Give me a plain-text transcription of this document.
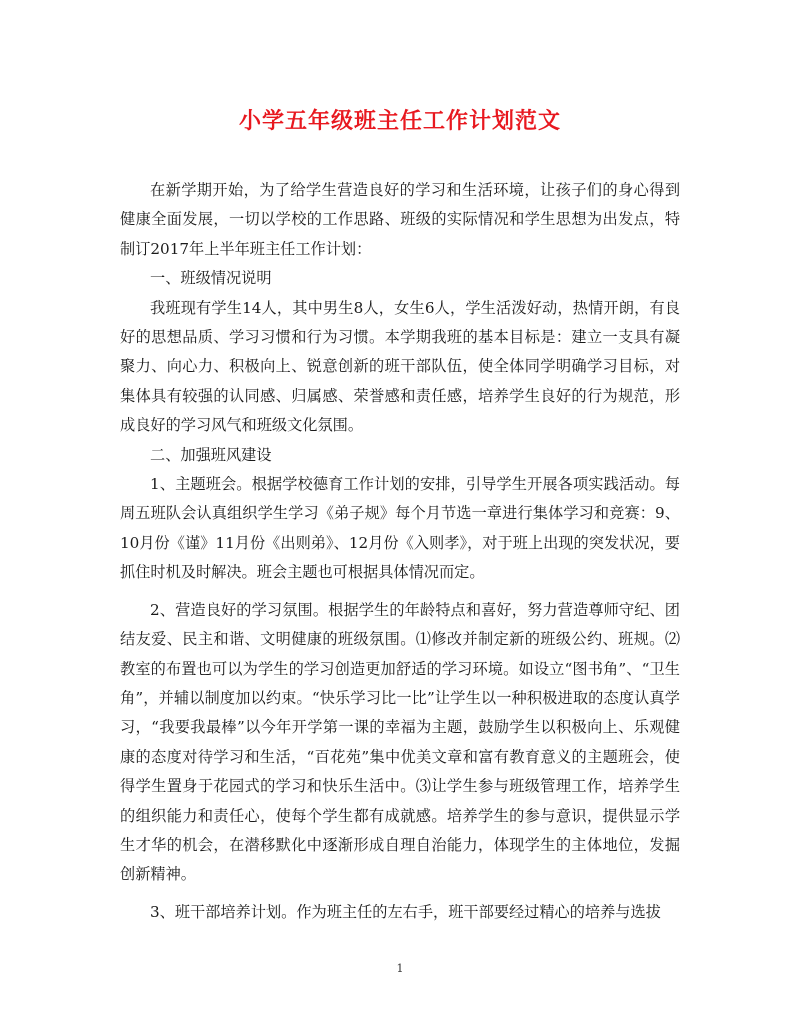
小学五年级班主任工作计划范文

在新学期开始，为了给学生营造良好的学习和生活环境，让孩子们的身心得到健康全面发展，一切以学校的工作思路、班级的实际情况和学生思想为出发点，特制订2017年上半年班主任工作计划：

一、班级情况说明

我班现有学生14人，其中男生8人，女生6人，学生活泼好动，热情开朗，有良好的思想品质、学习习惯和行为习惯。本学期我班的基本目标是：建立一支具有凝聚力、向心力、积极向上、锐意创新的班干部队伍，使全体同学明确学习目标，对集体具有较强的认同感、归属感、荣誉感和责任感，培养学生良好的行为规范，形成良好的学习风气和班级文化氛围。

二、加强班风建设

1、主题班会。根据学校德育工作计划的安排，引导学生开展各项实践活动。每周五班队会认真组织学生学习《弟子规》每个月节选一章进行集体学习和竞赛：9、10月份《谨》11月份《出则弟》、12月份《入则孝》，对于班上出现的突发状况，要抓住时机及时解决。班会主题也可根据具体情况而定。

2、营造良好的学习氛围。根据学生的年龄特点和喜好，努力营造尊师守纪、团结友爱、民主和谐、文明健康的班级氛围。⑴修改并制定新的班级公约、班规。⑵教室的布置也可以为学生的学习创造更加舒适的学习环境。如设立“图书角”、“卫生角”，并辅以制度加以约束。“快乐学习比一比”让学生以一种积极进取的态度认真学习，“我要我最棒”以今年开学第一课的幸福为主题，鼓励学生以积极向上、乐观健康的态度对待学习和生活，“百花苑”集中优美文章和富有教育意义的主题班会，使得学生置身于花园式的学习和快乐生活中。⑶让学生参与班级管理工作，培养学生的组织能力和责任心，使每个学生都有成就感。培养学生的参与意识，提供显示学生才华的机会，在潜移默化中逐渐形成自理自治能力，体现学生的主体地位，发掘创新精神。

3、班干部培养计划。作为班主任的左右手，班干部要经过精心的培养与选拔

1
